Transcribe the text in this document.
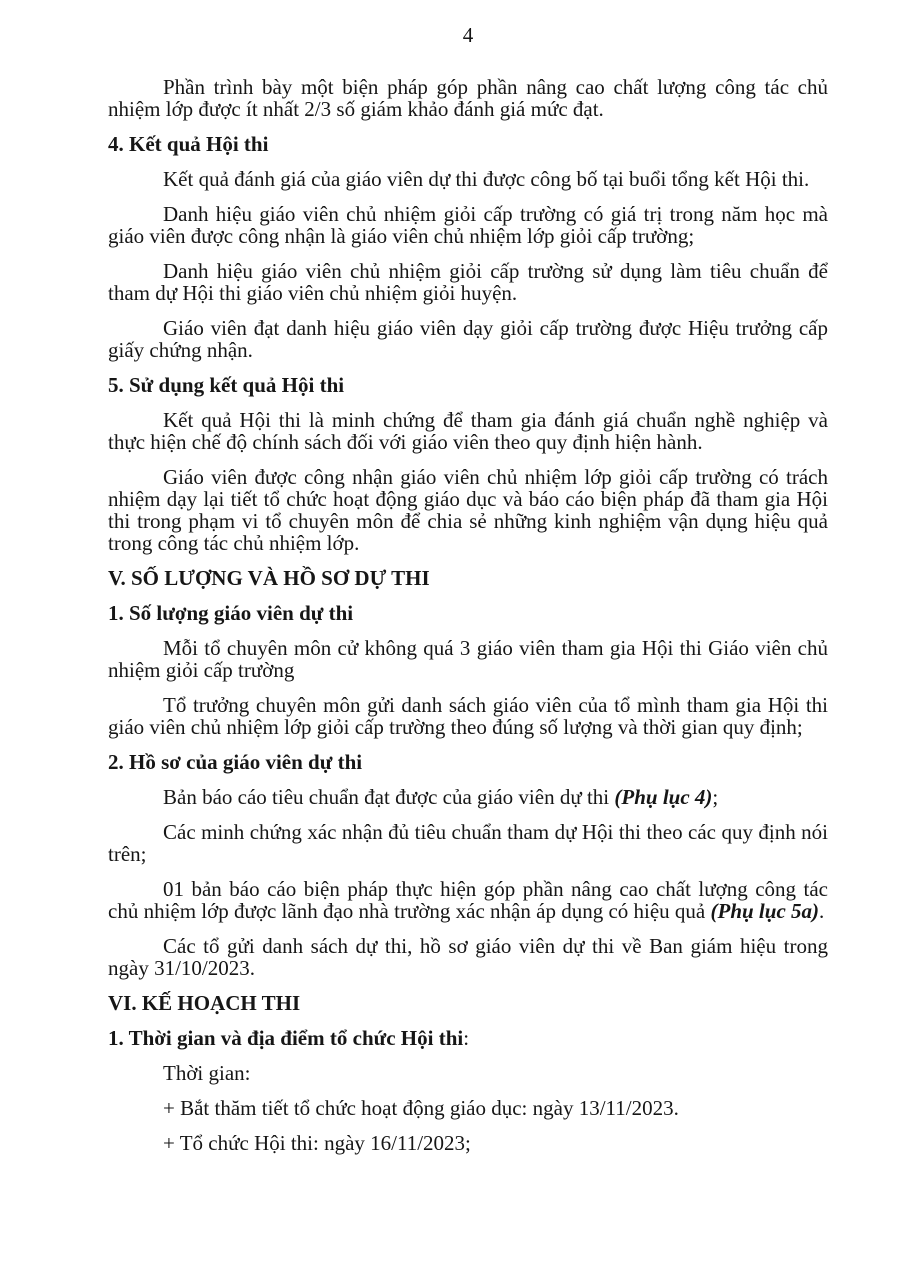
4

Phần trình bày một biện pháp góp phần nâng cao chất lượng công tác chủ nhiệm lớp được ít nhất 2/3 số giám khảo đánh giá mức đạt.

4. Kết quả Hội thi

Kết quả đánh giá của giáo viên dự thi được công bố tại buổi tổng kết Hội thi.

Danh hiệu giáo viên chủ nhiệm giỏi cấp trường có giá trị trong năm học mà giáo viên được công nhận là giáo viên chủ nhiệm lớp giỏi cấp trường;

Danh hiệu giáo viên chủ nhiệm giỏi cấp trường sử dụng làm tiêu chuẩn để tham dự Hội thi giáo viên chủ nhiệm giỏi huyện.

Giáo viên đạt danh hiệu giáo viên dạy giỏi cấp trường được Hiệu trưởng cấp giấy chứng nhận.

5. Sử dụng kết quả Hội thi

Kết quả Hội thi là minh chứng để tham gia đánh giá chuẩn nghề nghiệp và thực hiện chế độ chính sách đối với giáo viên theo quy định hiện hành.

Giáo viên được công nhận giáo viên chủ nhiệm lớp giỏi cấp trường có trách nhiệm dạy lại tiết tổ chức hoạt động giáo dục và báo cáo biện pháp đã tham gia Hội thi trong phạm vi tổ chuyên môn để chia sẻ những kinh nghiệm vận dụng hiệu quả trong công tác chủ nhiệm lớp.

V. SỐ LƯỢNG VÀ HỒ SƠ DỰ THI

1. Số lượng giáo viên dự thi

Mỗi tổ chuyên môn cử không quá 3 giáo viên tham gia Hội thi Giáo viên chủ nhiệm giỏi cấp trường

Tổ trưởng chuyên môn gửi danh sách giáo viên của tổ mình tham gia Hội thi giáo viên chủ nhiệm lớp giỏi cấp trường theo đúng số lượng và thời gian quy định;

2. Hồ sơ của giáo viên dự thi

Bản báo cáo tiêu chuẩn đạt được của giáo viên dự thi (Phụ lục 4);

Các minh chứng xác nhận đủ tiêu chuẩn tham dự Hội thi theo các quy định nói trên;

01 bản báo cáo biện pháp thực hiện góp phần nâng cao chất lượng công tác chủ nhiệm lớp được lãnh đạo nhà trường xác nhận áp dụng có hiệu quả (Phụ lục 5a).

Các tổ gửi danh sách dự thi, hồ sơ giáo viên dự thi về Ban giám hiệu trong ngày 31/10/2023.

VI. KẾ HOẠCH THI

1. Thời gian và địa điểm tổ chức Hội thi:

Thời gian:

+ Bắt thăm tiết tổ chức hoạt động giáo dục: ngày 13/11/2023.

+ Tổ chức Hội thi: ngày 16/11/2023;
